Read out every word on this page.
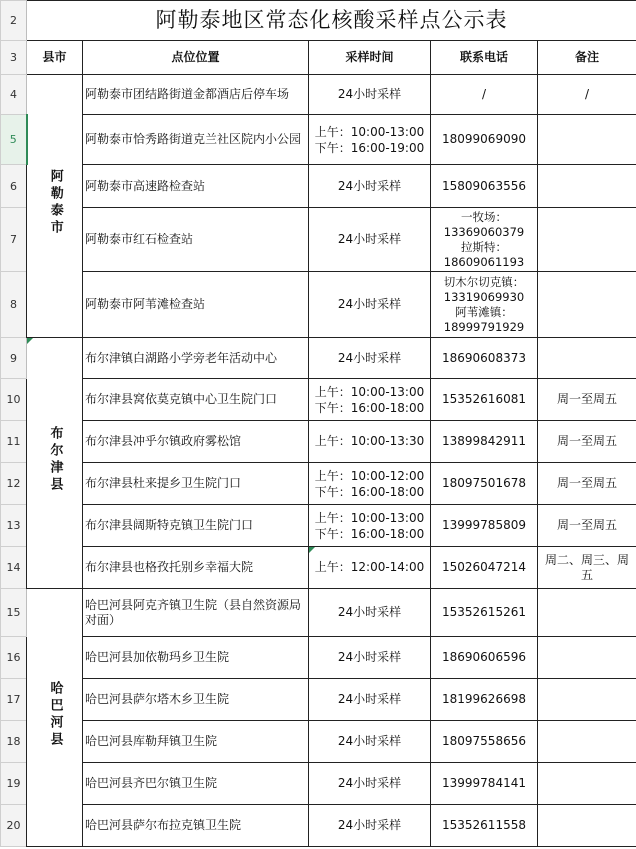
2	阿勒泰地区常态化核酸采样点公示表				
3	县市	点位位置	采样时间	联系电话	备注
4	阿勒泰市	阿勒泰市团结路街道金都酒店后停车场	24小时采样	/	/
5		阿勒泰市恰秀路街道克兰社区院内小公园	上午：10:00-13:00
下午：16:00-19:00	18099069090	
6		阿勒泰市高速路检查站	24小时采样	15809063556	
7		阿勒泰市红石检查站	24小时采样	一牧场：
13369060379
拉斯特：
18609061193	

8		阿勒泰市阿苇滩检查站	24小时采样	切木尔切克镇：
13319069930
阿苇滩镇：
18999791929	

9	布尔津县	布尔津镇白湖路小学旁老年活动中心	24小时采样	18690608373	
10		布尔津县窝依莫克镇中心卫生院门口	上午：10:00-13:00
下午：16:00-18:00	15352616081	周一至周五
11		布尔津县冲乎尔镇政府雾松馆	上午：10:00-13:30	13899842911	周一至周五
12		布尔津县杜来提乡卫生院门口	上午：10:00-12:00
下午：16:00-18:00	18097501678	周一至周五
13		布尔津县阔斯特克镇卫生院门口	上午：10:00-13:00
下午：16:00-18:00	13999785809	周一至周五
14		布尔津县也格孜托别乡幸福大院	上午：12:00-14:00	15026047214	周二、周三、周五
15	哈巴河县	哈巴河县阿克齐镇卫生院（县自然资源局对面）	24小时采样	15352615261	
16		哈巴河县加依勒玛乡卫生院	24小时采样	18690606596	
17		哈巴河县萨尔塔木乡卫生院	24小时采样	18199626698	
18		哈巴河县库勒拜镇卫生院	24小时采样	18097558656	
19		哈巴河县齐巴尔镇卫生院	24小时采样	13999784141	
20		哈巴河县萨尔布拉克镇卫生院	24小时采样	15352611558	
